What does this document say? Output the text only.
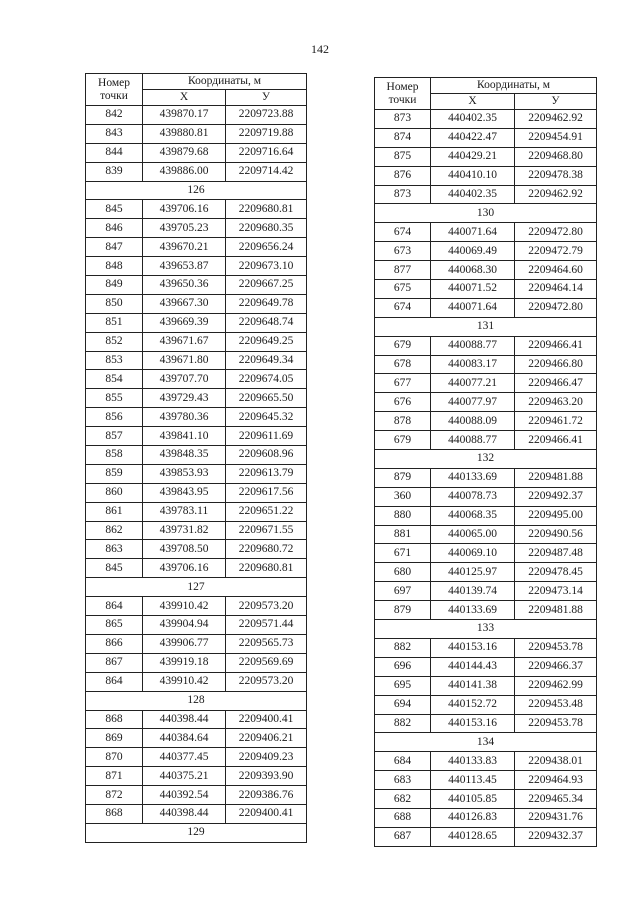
142
Номер точки	Координаты, м	
	Х	У
842	439870.17	2209723.88
843	439880.81	2209719.88
844	439879.68	2209716.64
839	439886.00	2209714.42
126		
845	439706.16	2209680.81
846	439705.23	2209680.35
847	439670.21	2209656.24
848	439653.87	2209673.10
849	439650.36	2209667.25
850	439667.30	2209649.78
851	439669.39	2209648.74
852	439671.67	2209649.25
853	439671.80	2209649.34
854	439707.70	2209674.05
855	439729.43	2209665.50
856	439780.36	2209645.32
857	439841.10	2209611.69
858	439848.35	2209608.96
859	439853.93	2209613.79
860	439843.95	2209617.56
861	439783.11	2209651.22
862	439731.82	2209671.55
863	439708.50	2209680.72
845	439706.16	2209680.81
127		
864	439910.42	2209573.20
865	439904.94	2209571.44
866	439906.77	2209565.73
867	439919.18	2209569.69
864	439910.42	2209573.20
128		
868	440398.44	2209400.41
869	440384.64	2209406.21
870	440377.45	2209409.23
871	440375.21	2209393.90
872	440392.54	2209386.76
868	440398.44	2209400.41
129		
Номер точки	Координаты, м	
	Х	У
873	440402.35	2209462.92
874	440422.47	2209454.91
875	440429.21	2209468.80
876	440410.10	2209478.38
873	440402.35	2209462.92
130		
674	440071.64	2209472.80
673	440069.49	2209472.79
877	440068.30	2209464.60
675	440071.52	2209464.14
674	440071.64	2209472.80
131		
679	440088.77	2209466.41
678	440083.17	2209466.80
677	440077.21	2209466.47
676	440077.97	2209463.20
878	440088.09	2209461.72
679	440088.77	2209466.41
132		
879	440133.69	2209481.88
360	440078.73	2209492.37
880	440068.35	2209495.00
881	440065.00	2209490.56
671	440069.10	2209487.48
680	440125.97	2209478.45
697	440139.74	2209473.14
879	440133.69	2209481.88
133		
882	440153.16	2209453.78
696	440144.43	2209466.37
695	440141.38	2209462.99
694	440152.72	2209453.48
882	440153.16	2209453.78
134		
684	440133.83	2209438.01
683	440113.45	2209464.93
682	440105.85	2209465.34
688	440126.83	2209431.76
687	440128.65	2209432.37
